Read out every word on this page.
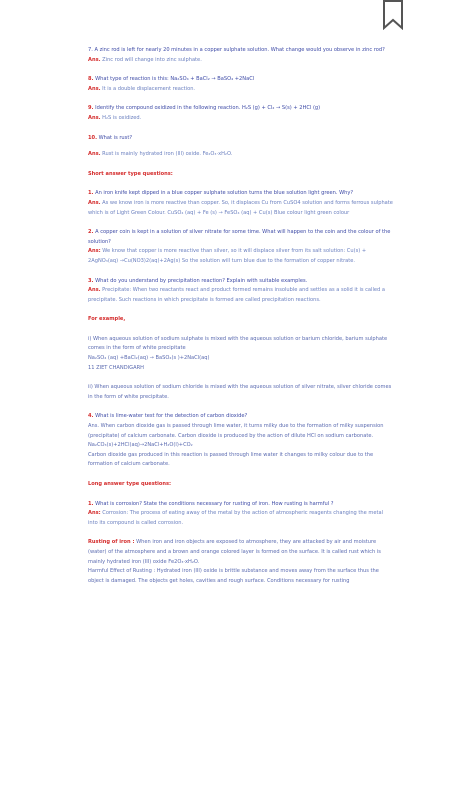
7. A zinc rod is left for nearly 20 minutes in a copper sulphate solution. What change would you observe in zinc rod?
Ans. Zinc rod will change into zinc sulphate.

8. What type of reaction is this: Na₂SO₄ + BaCl₂ → BaSO₄ +2NaCl
Ans. It is a double displacement reaction.

9. Identify the compound oxidized in the following reaction. H₂S (g) + Cl₂ → S(s) + 2HCl (g)
Ans. H₂S is oxidized.

10. What is rust?

Ans. Rust is mainly hydrated iron (III) oxide. Fe₂O₃·xH₂O.

Short answer type questions:

1. An iron knife kept dipped in a blue copper sulphate solution turns the blue solution light green. Why?
Ans. As we know iron is more reactive than copper. So, it displaces Cu from CuSO4 solution and forms ferrous sulphate which is of Light Green Colour. CuSO₄ (aq) + Fe (s) → FeSO₄ (aq) + Cu(s) Blue colour light green colour

2. A copper coin is kept in a solution of silver nitrate for some time. What will happen to the coin and the colour of the solution?
Ans: We know that copper is more reactive than silver, so it will displace silver from its salt solution: Cu(s) + 2AgNO₃(aq) →Cu(NO3)2(aq)+2Ag(s) So the solution will turn blue due to the formation of copper nitrate.

3. What do you understand by precipitation reaction? Explain with suitable examples.
Ans. Precipitate: When two reactants react and product formed remains insoluble and settles as a solid it is called a precipitate. Such reactions in which precipitate is formed are called precipitation reactions.

For example,

i) When aqueous solution of sodium sulphate is mixed with the aqueous solution or barium chloride, barium sulphate comes in the form of white precipitate

Na₂SO₄ (aq) +BaCl₂(aq) → BaSO₄(s )+2NaCl(aq)

11 ZIET CHANDIGARH

ii) When aqueous solution of sodium chloride is mixed with the aqueous solution of silver nitrate, silver chloride comes in the form of white precipitate.

4. What is lime-water test for the detection of carbon dioxide?
Ans. When carbon dioxide gas is passed through lime water, it turns milky due to the formation of milky suspension (precipitate) of calcium carbonate. Carbon dioxide is produced by the action of dilute HCl on sodium carbonate. Na₂CO₃(s)+2HCl(aq)→2NaCl+H₂O(l)+CO₂
Carbon dioxide gas produced in this reaction is passed through lime water it changes to milky colour due to the formation of calcium carbonate.

Long answer type questions:

1. What is corrosion? State the conditions necessary for rusting of iron. How rusting is harmful ?
Ans: Corrosion: The process of eating away of the metal by the action of atmospheric reagents changing the metal into its compound is called corrosion.

Rusting of iron : When iron and iron objects are exposed to atmosphere, they are attacked by air and moisture (water) of the atmosphere and a brown and orange colored layer is formed on the surface. It is called rust which is mainly hydrated iron (III) oxide Fe2O₃·xH₂O.
Harmful Effect of Rusting : Hydrated iron (III) oxide is brittle substance and moves away from the surface thus the object is damaged. The objects get holes, cavities and rough surface. Conditions necessary for rusting
